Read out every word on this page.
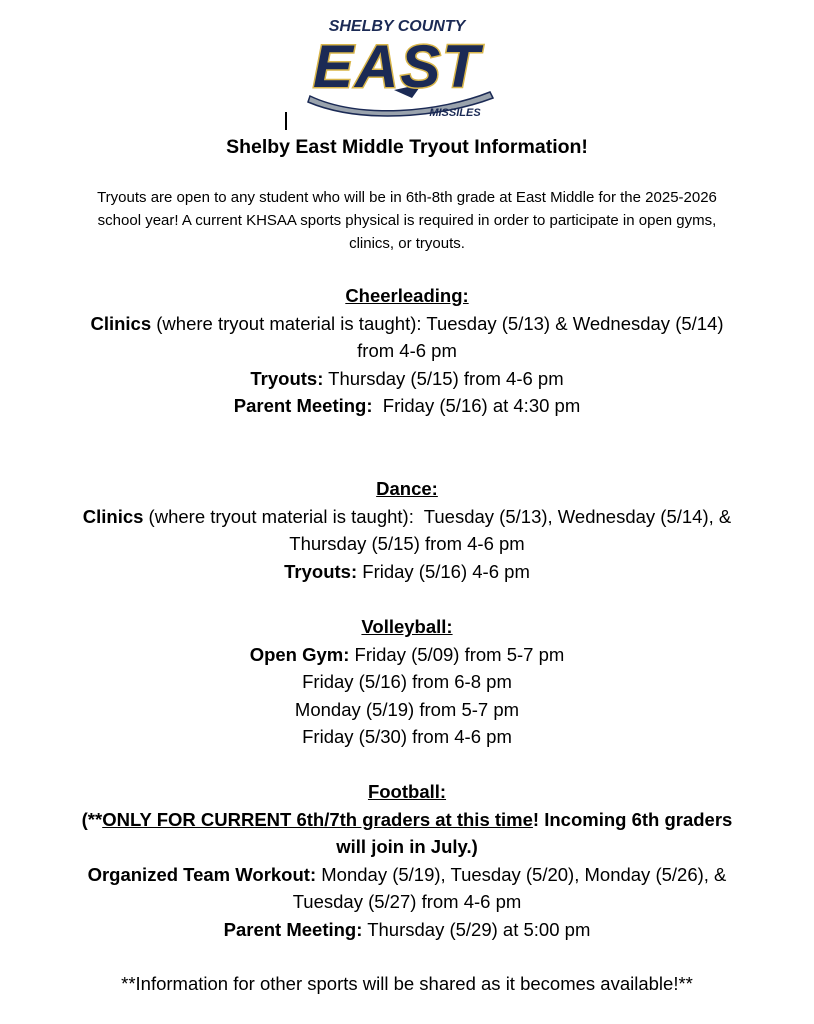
SHELBY COUNTY
EAST
MISSILES
Shelby East Middle Tryout Information!
Tryouts are open to any student who will be in 6th-8th grade at East Middle for the 2025-2026
school year! A current KHSAA sports physical is required in order to participate in open gyms,
clinics, or tryouts.
Cheerleading:
Clinics (where tryout material is taught): Tuesday (5/13) & Wednesday (5/14)
from 4-6 pm
Tryouts: Thursday (5/15) from 4-6 pm
Parent Meeting:  Friday (5/16) at 4:30 pm
Dance:
Clinics (where tryout material is taught):  Tuesday (5/13), Wednesday (5/14), &
Thursday (5/15) from 4-6 pm
Tryouts: Friday (5/16) 4-6 pm
Volleyball:
Open Gym: Friday (5/09) from 5-7 pm
Friday (5/16) from 6-8 pm
Monday (5/19) from 5-7 pm
Friday (5/30) from 4-6 pm
Football:
(**ONLY FOR CURRENT 6th/7th graders at this time! Incoming 6th graders
will join in July.)
Organized Team Workout: Monday (5/19), Tuesday (5/20), Monday (5/26), &
Tuesday (5/27) from 4-6 pm
Parent Meeting: Thursday (5/29) at 5:00 pm
**Information for other sports will be shared as it becomes available!**
